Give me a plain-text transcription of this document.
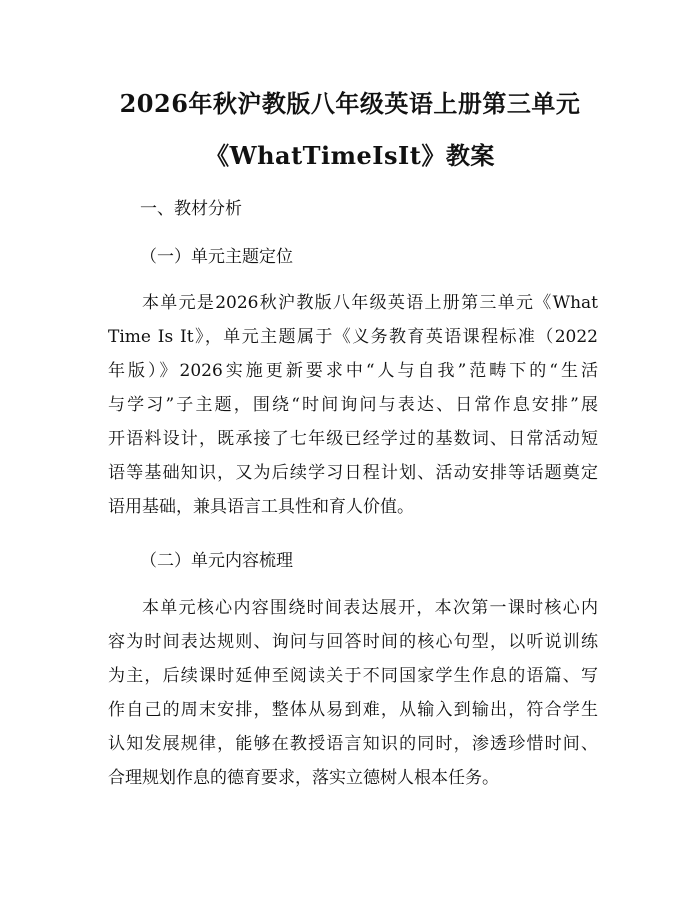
2026年秋沪教版八年级英语上册第三单元
《WhatTimeIsIt》教案
一、教材分析
（一）单元主题定位
本单元是2026秋沪教版八年级英语上册第三单元《What
Time Is It》，单元主题属于《义务教育英语课程标准（2022
年版）》2026实施更新要求中“人与自我”范畴下的“生活
与学习”子主题，围绕“时间询问与表达、日常作息安排”展
开语料设计，既承接了七年级已经学过的基数词、日常活动短
语等基础知识，又为后续学习日程计划、活动安排等话题奠定
语用基础，兼具语言工具性和育人价值。
（二）单元内容梳理
本单元核心内容围绕时间表达展开，本次第一课时核心内
容为时间表达规则、询问与回答时间的核心句型，以听说训练
为主，后续课时延伸至阅读关于不同国家学生作息的语篇、写
作自己的周末安排，整体从易到难，从输入到输出，符合学生
认知发展规律，能够在教授语言知识的同时，渗透珍惜时间、
合理规划作息的德育要求，落实立德树人根本任务。
